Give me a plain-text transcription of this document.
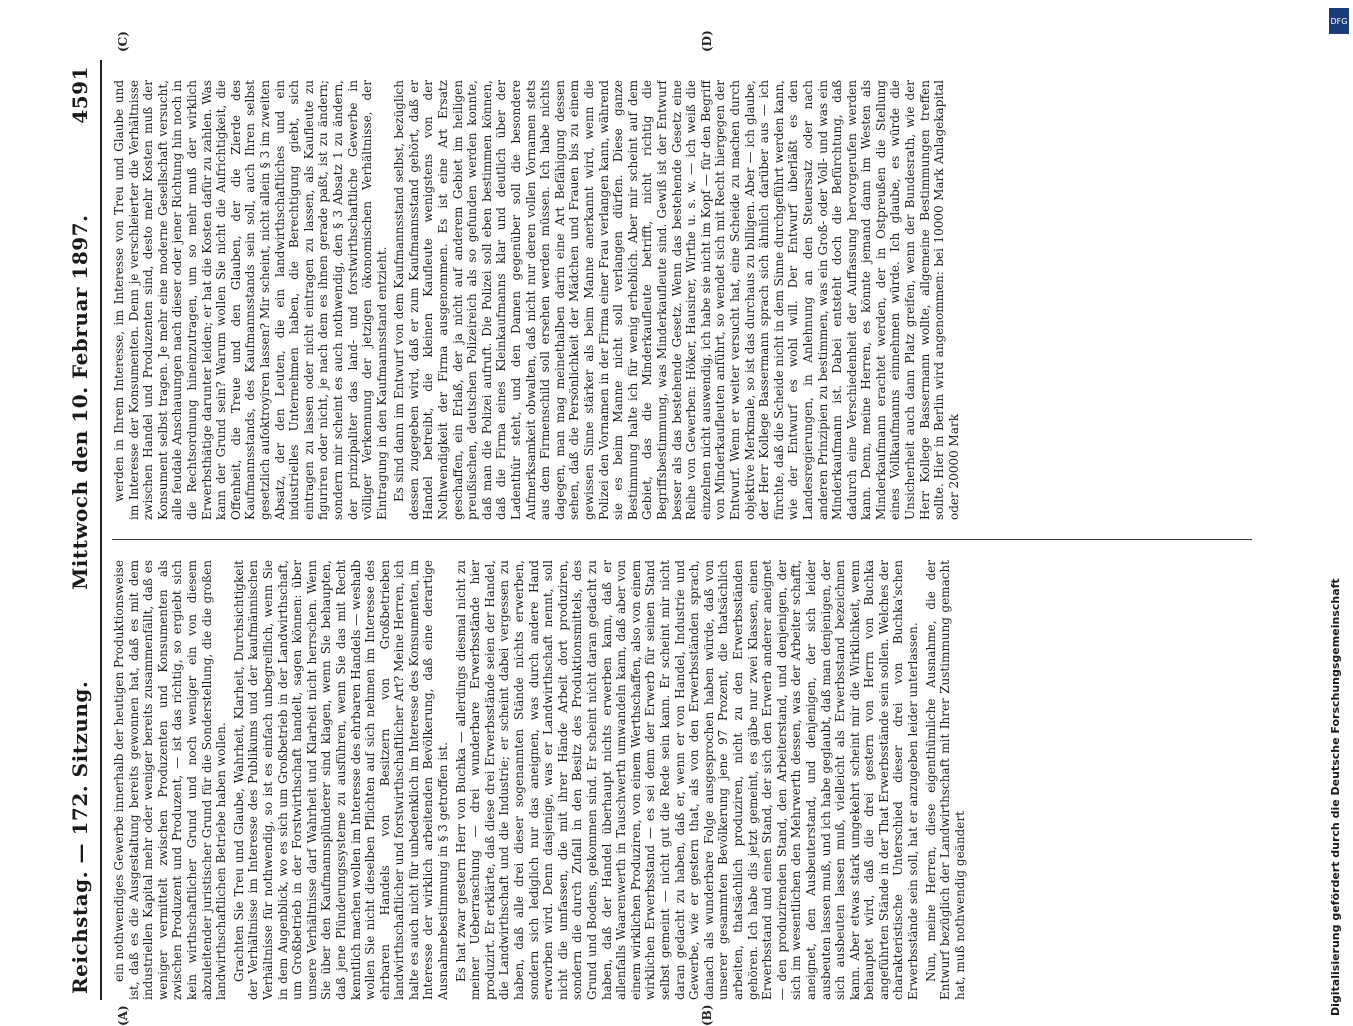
Reichstag. — 172. Sitzung.
Mittwoch den 10. Februar 1897.
4591

ein nothwendiges Gewerbe innerhalb der heutigen Produktionsweise ist, daß es die Ausgestaltung bereits gewonnen hat, daß es mit dem industriellen Kapital mehr oder weniger bereits zusammenfällt, daß es weniger vermittelt zwischen Produzenten und Konsumenten als zwischen Produzent und Produzent, — ist das richtig, so ergiebt sich kein wirthschaftlicher Grund und noch weniger ein von diesem abzuleitender juristischer Grund für die Sonderstellung, die die großen landwirthschaftlichen Betriebe haben wollen. Grachten Sie Treu und Glaube, Wahrheit, Klarheit, Durchsichtigkeit der Verhältnisse im Interesse des Publikums und der kaufmännischen Verhältnisse für nothwendig, so ist es einfach unbegreiflich, wenn Sie in dem Augenblick, wo es sich um Großbetrieb in der Landwirthschaft, um Großbetrieb in der Forstwirthschaft handelt, sagen können: über unsere Verhältnisse darf Wahrheit und Klarheit nicht herrschen. Wenn Sie über den Kaufmannsplünderer sind klagen, wenn Sie behaupten, daß jene Plünderungssysteme zu ausführen, wenn Sie das mit Recht kenntlich machen wollen im Interesse des ehrbaren Handels — weshalb wollen Sie nicht dieselben Pflichten auf sich nehmen im Interesse des ehrbaren Handels von Besitzern von Großbetrieben landwirthschaftlicher und forstwirthschaftlicher Art? Meine Herren, ich halte es auch nicht für unbedenklich im Interesse des Konsumenten, im Interesse der wirklich arbeitenden Bevölkerung, daß eine derartige Ausnahmebestimmung in § 3 getroffen ist. Es hat zwar gestern Herr von Buchka — allerdings diesmal nicht zu meiner Ueberraschung — drei wunderbare Erwerbsstände hier produzirt. Er erklärte, daß diese drei Erwerbsstände seien der Handel, die Landwirthschaft und die Industrie; er scheint dabei vergessen zu haben, daß alle drei dieser sogenannten Stände nichts erwerben, sondern sich lediglich nur das aneignen, was durch andere Hand erworben wird. Denn dasjenige, was er Landwirthschaft nennt, soll nicht die umfassen, die mit ihrer Hände Arbeit dort produziren, sondern die durch Zufall in den Besitz des Produktionsmittels, des Grund und Bodens, gekommen sind. Er scheint nicht daran gedacht zu haben, daß der Handel überhaupt nichts erwerben kann, daß er allenfalls Waarenwerth in Tauschwerth umwandeln kann, daß aber von einem wirklichen Produziren, von einem Werthschaffen, also von einem wirklichen Erwerbsstand — es sei denn der Erwerb für seinen Stand selbst gemeint — nicht gut die Rede sein kann. Er scheint mir nicht daran gedacht zu haben, daß er, wenn er von Handel, Industrie und Gewerbe, wie er gestern that, als von den Erwerbsständen sprach, danach als wunderbare Folge ausgesprochen haben würde, daß von unserer gesammten Bevölkerung jene 97 Prozent, die thatsächlich arbeiten, thatsächlich produziren, nicht zu den Erwerbsständen gehören. Ich habe dis jetzt gemeint, es gäbe nur zwei Klassen, einen Erwerbsstand und einen Stand, der sich den Erwerb anderer aneignet — den produzirenden Stand, den Arbeiterstand, und denjenigen, der sich im wesentlichen den Mehrwerth dessen, was der Arbeiter schafft, aneignet, den Ausbeuterstand, und denjenigen, der sich leider ausbeuten lassen muß, und ich habe geglaubt, daß man denjenigen, der sich ausbeuten lassen muß, vielleicht als Erwerbsstand bezeichnen kann. Aber etwas stark umgekehrt scheint mir die Wirklichkeit, wenn behauptet wird, daß die drei gestern von Herrn von Buchka angeführten Stände in der That Erwerbsstände sein sollen. Welches der charakteristische Unterschied dieser drei von Buchka'schen Erwerbsstände sein soll, hat er anzugeben leider unterlassen. Nun, meine Herren, diese eigenthümliche Ausnahme, die der Entwurf bezüglich der Landwirthschaft mit Ihrer Zustimmung gemacht hat, muß nothwendig geändert

werden in Ihrem Interesse, im Interesse von Treu und Glaube und im Interesse der Konsumenten. Denn je verschleierter die Verhältnisse zwischen Handel und Produzenten sind, desto mehr Kosten muß der Konsument selbst tragen. Je mehr eine moderne Gesellschaft versucht, alle feudale Anschauungen nach dieser oder jener Richtung hin noch in die Rechtsordnung hineinzutragen, um so mehr muß der wirklich Erwerbsthätige darunter leiden; er hat die Kosten dafür zu zahlen. Was kann der Grund sein? Warum wollen Sie nicht die Aufrichtigkeit, die Offenheit, die Treue und den Glauben, der die Zierde des Kaufmannsstands, des Kaufmannsstands sein soll, auch Ihren selbst gesetzlich aufoktroyiren lassen? Mir scheint, nicht allein § 3 im zweiten Absatz, der den Leuten, die ein landwirthschaftliches und ein industrielles Unternehmen haben, die Berechtigung giebt, sich eintragen zu lassen oder nicht eintragen zu lassen, als Kaufleute zu figuriren oder nicht, je nach dem es ihnen gerade paßt, ist zu ändern; sondern mir scheint es auch nothwendig, den § 3 Absatz 1 zu ändern, der prinzipaliter das land- und forstwirthschaftliche Gewerbe in völliger Verkennung der jetzigen ökonomischen Verhältnisse, der Eintragung in den Kaufmannsstand entzieht. Es sind dann im Entwurf von dem Kaufmannsstand selbst, bezüglich dessen zugegeben wird, daß er zum Kaufmannsstand gehört, daß er Handel betreibt, die kleinen Kaufleute wenigstens von der Nothwendigkeit der Firma ausgenommen. Es ist eine Art Ersatz geschaffen, ein Erlaß, der ja nicht auf anderem Gebiet im heiligen preußischen, deutschen Polizeireich als so gefunden werden konnte, daß man die Polizei aufruft. Die Polizei soll eben bestimmen können, daß die Firma eines Kleinkaufmanns klar und deutlich über der Ladenthür steht, und den Damen gegenüber soll die besondere Aufmerksamkeit obwalten, daß nicht nur deren vollen Vornamen stets aus dem Firmenschild soll ersehen werden müssen. Ich habe nichts dagegen, man mag meinethalben darin eine Art Befähigung dessen sehen, daß die Persönlichkeit der Mädchen und Frauen bis zu einem gewissen Sinne stärker als beim Manne anerkannt wird, wenn die Polizei den Vornamen in der Firma einer Frau verlangen kann, während sie es beim Manne nicht soll verlangen dürfen. Diese ganze Bestimmung halte ich für wenig erheblich. Aber mir scheint auf dem Gebiet, das die Minderkaufleute betrifft, nicht richtig die Begriffsbestimmung, was Minderkaufleute sind. Gewiß ist der Entwurf besser als das bestehende Gesetz. Wenn das bestehende Gesetz eine Reihe von Gewerben: Höker, Hausirer, Wirthe u. s. w. — ich weiß die einzelnen nicht auswendig, ich habe sie nicht im Kopf — für den Begriff von Minderkaufleuten anführt, so wendet sich mit Recht hiergegen der Entwurf. Wenn er weiter versucht hat, eine Scheide zu machen durch objektive Merkmale, so ist das durchaus zu billigen. Aber — ich glaube, der Herr Kollege Bassermann sprach sich ähnlich darüber aus — ich fürchte, daß die Scheide nicht in dem Sinne durchgeführt werden kann, wie der Entwurf es wohl will. Der Entwurf überläßt es den Landesregierungen, in Anlehnung an den Steuersatz oder nach anderen Prinzipien zu bestimmen, was ein Groß- oder Voll- und was ein Minderkaufmann ist. Dabei entsteht doch die Befürchtung, daß dadurch eine Verschiedenheit der Auffassung hervorgerufen werden kann. Denn, meine Herren, es könnte jemand dann im Westen als Minderkaufmann erachtet werden, der in Ostpreußen die Stellung eines Vollkaufmanns einnehmen würde. Ich glaube, es würde die Unsicherheit auch dann Platz greifen, wenn der Bundesrath, wie der Herr Kollege Bassermann wollte, allgemeine Bestimmungen treffen sollte. Hier in Berlin wird angenommen: bei 10000 Mark Anlagekapital oder 20000 Mark

(A)	(B)
(C)	(D)
DFG
Digitalisierung gefördert durch die Deutsche Forschungsgemeinschaft
